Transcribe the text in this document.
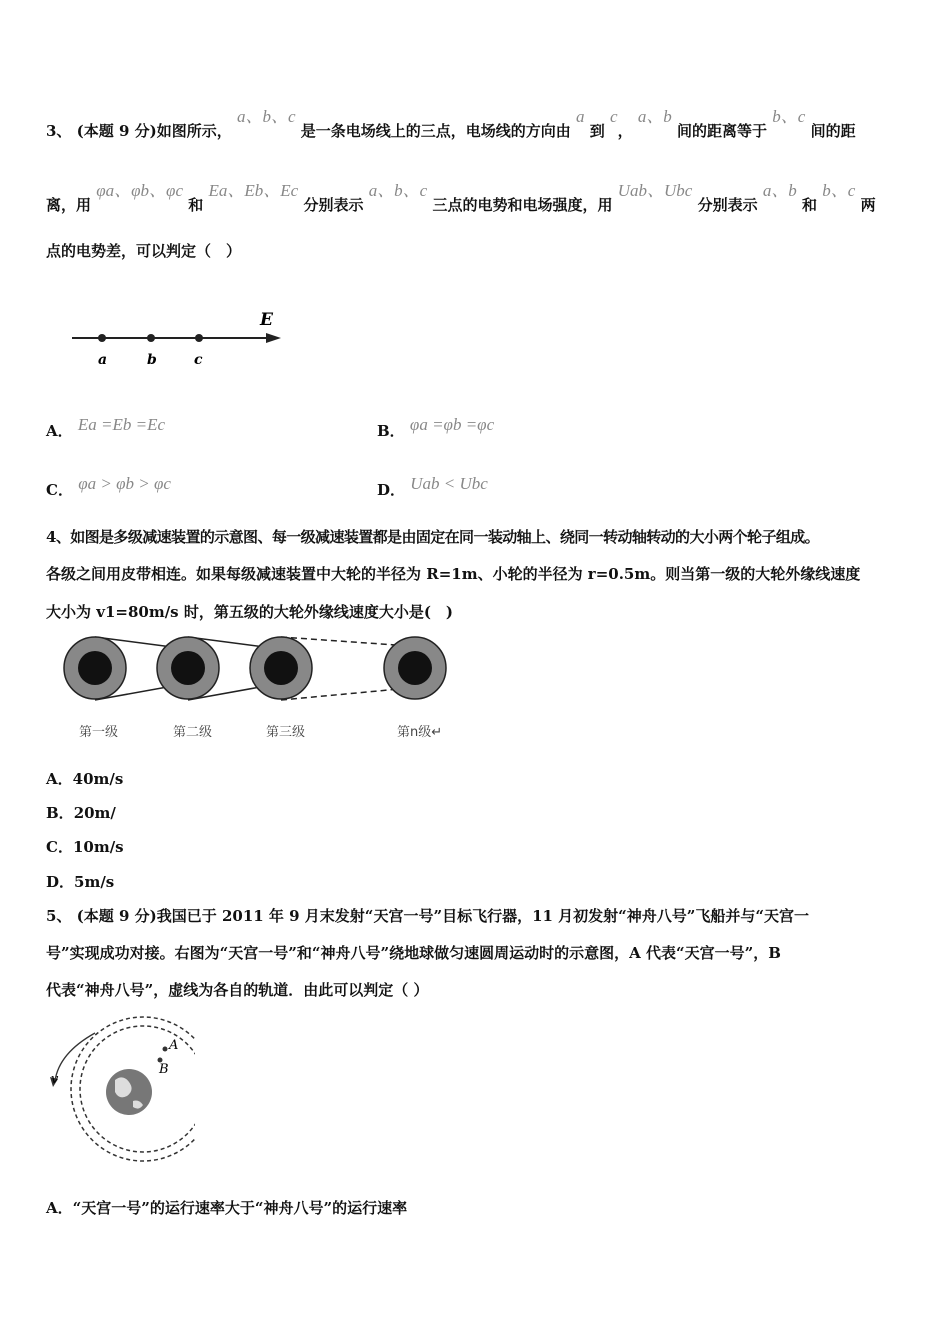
3、 (本题 9 分)如图所示， a、b、c 是一条电场线上的三点，电场线的方向由 a 到 c， a、b 间的距离等于 b、c 间的距
离，用 φa、φb、φc 和 Ea、Eb、Ec 分别表示 a、b、c 三点的电势和电场强度，用 Uab、Ubc 分别表示 a、b 和 b、c 两
点的电势差，可以判定（　）
E
a	b	c
A． Ea =Eb =Ec	B． φa =φb =φc
C． φa > φb > φc	D． Uab < Ubc
4、如图是多级减速装置的示意图、每一级减速装置都是由固定在同一装动轴上、绕同一转动轴转动的大小两个轮子组成。
各级之间用皮带相连。如果每级减速装置中大轮的半径为 R=1m、小轮的半径为 r=0.5m。则当第一级的大轮外缘线速度
大小为 v1=80m/s 时，第五级的大轮外缘线速度大小是(　)
第一级	第二级	第三级	第n级↵
A．40m/s
B．20m/
C．10m/s
D．5m/s
5、 (本题 9 分)我国已于 2011 年 9 月末发射“天宫一号”目标飞行器，11 月初发射“神舟八号”飞船并与“天宫一
号”实现成功对接。右图为“天宫一号”和“神舟八号”绕地球做匀速圆周运动时的示意图，A 代表“天宫一号”，B
代表“神舟八号”，虚线为各自的轨道．由此可以判定（ ）
v
A
B
A．“天宫一号”的运行速率大于“神舟八号”的运行速率
